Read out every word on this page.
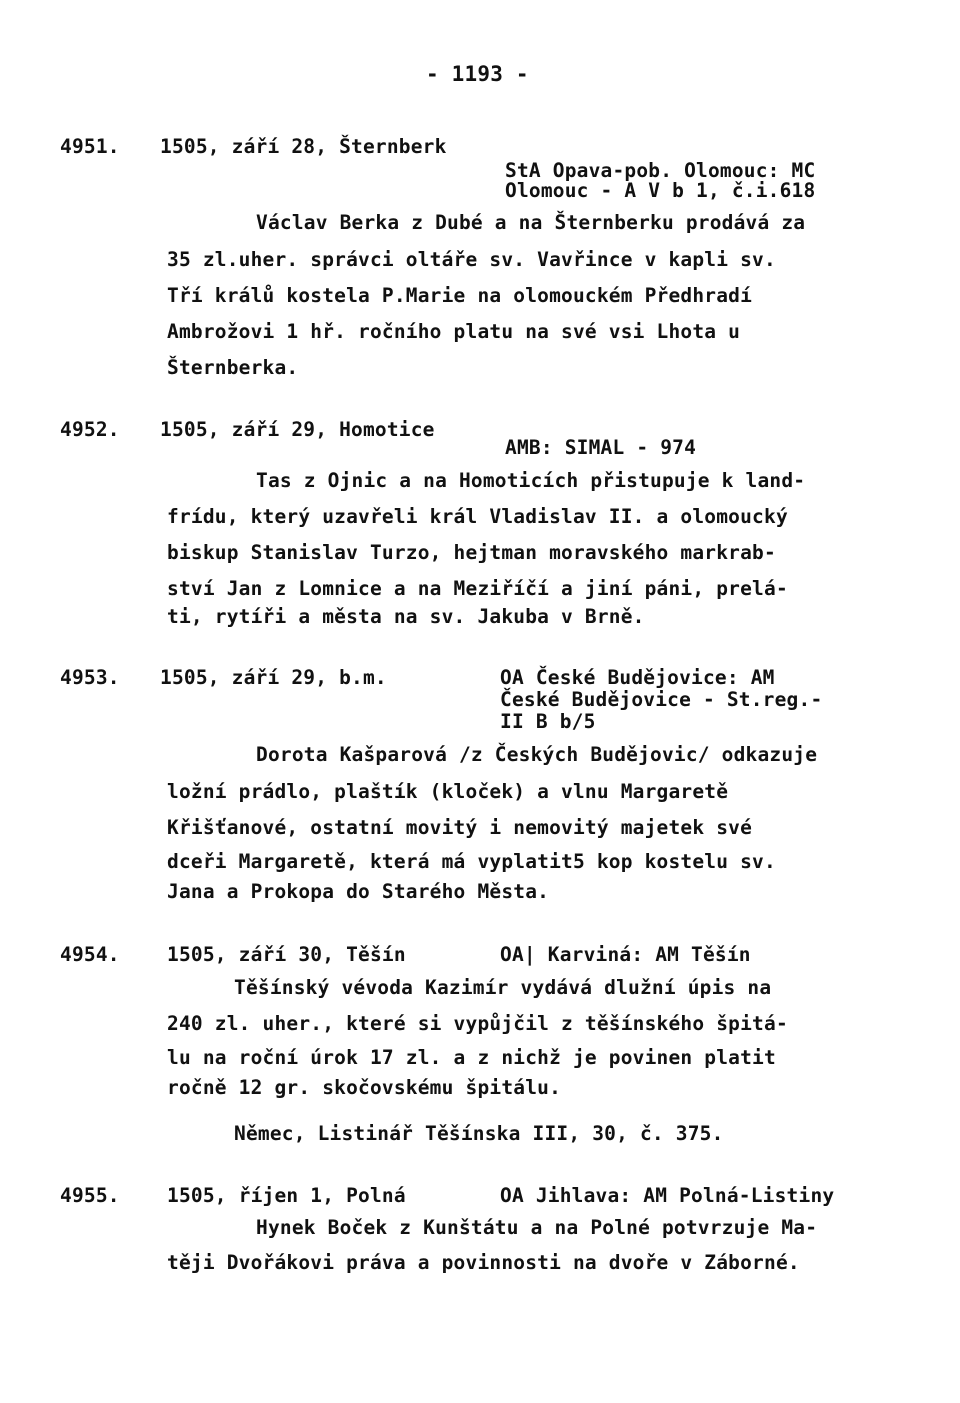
- 1193 -
4951. 1505, září 28, Šternberk
StA Opava-pob. Olomouc: MC
Olomouc - A V b 1, č.i.618
Václav Berka z Dubé a na Šternberku prodává za
35 zl.uher. správci oltáře sv. Vavřince v kapli sv.
Tří králů kostela P.Marie na olomouckém Předhradí
Ambrožovi 1 hř. ročního platu na své vsi Lhota u
Šternberka.
4952. 1505, září 29, Homotice
AMB: SIMAL - 974
Tas z Ojnic a na Homoticích přistupuje k land-
frídu, který uzavřeli král Vladislav II. a olomoucký
biskup Stanislav Turzo, hejtman moravského markrab-
ství Jan z Lomnice a na Meziříčí a jiní páni, prelá-
ti, rytíři a města na sv. Jakuba v Brně.
4953. 1505, září 29, b.m.	OA České Budějovice: AM
České Budějovice - St.reg.-
II B b/5
Dorota Kašparová /z Českých Budějovic/ odkazuje
ložní prádlo, plaštík (kloček) a vlnu Margaretě
Křišťanové, ostatní movitý i nemovitý majetek své
dceři Margaretě, která má vyplatit5 kop kostelu sv.
Jana a Prokopa do Starého Města.
4954. 1505, září 30, Těšín	OA| Karviná: AM Těšín
Těšínský vévoda Kazimír vydává dlužní úpis na
240 zl. uher., které si vypůjčil z těšínského špitá-
lu na roční úrok 17 zl. a z nichž je povinen platit
ročně 12 gr. skočovskému špitálu.
Němec, Listinář Těšínska III, 30, č. 375.
4955. 1505, říjen 1, Polná	OA Jihlava: AM Polná-Listiny
Hynek Boček z Kunštátu a na Polné potvrzuje Ma-
těji Dvořákovi práva a povinnosti na dvoře v Záborné.
